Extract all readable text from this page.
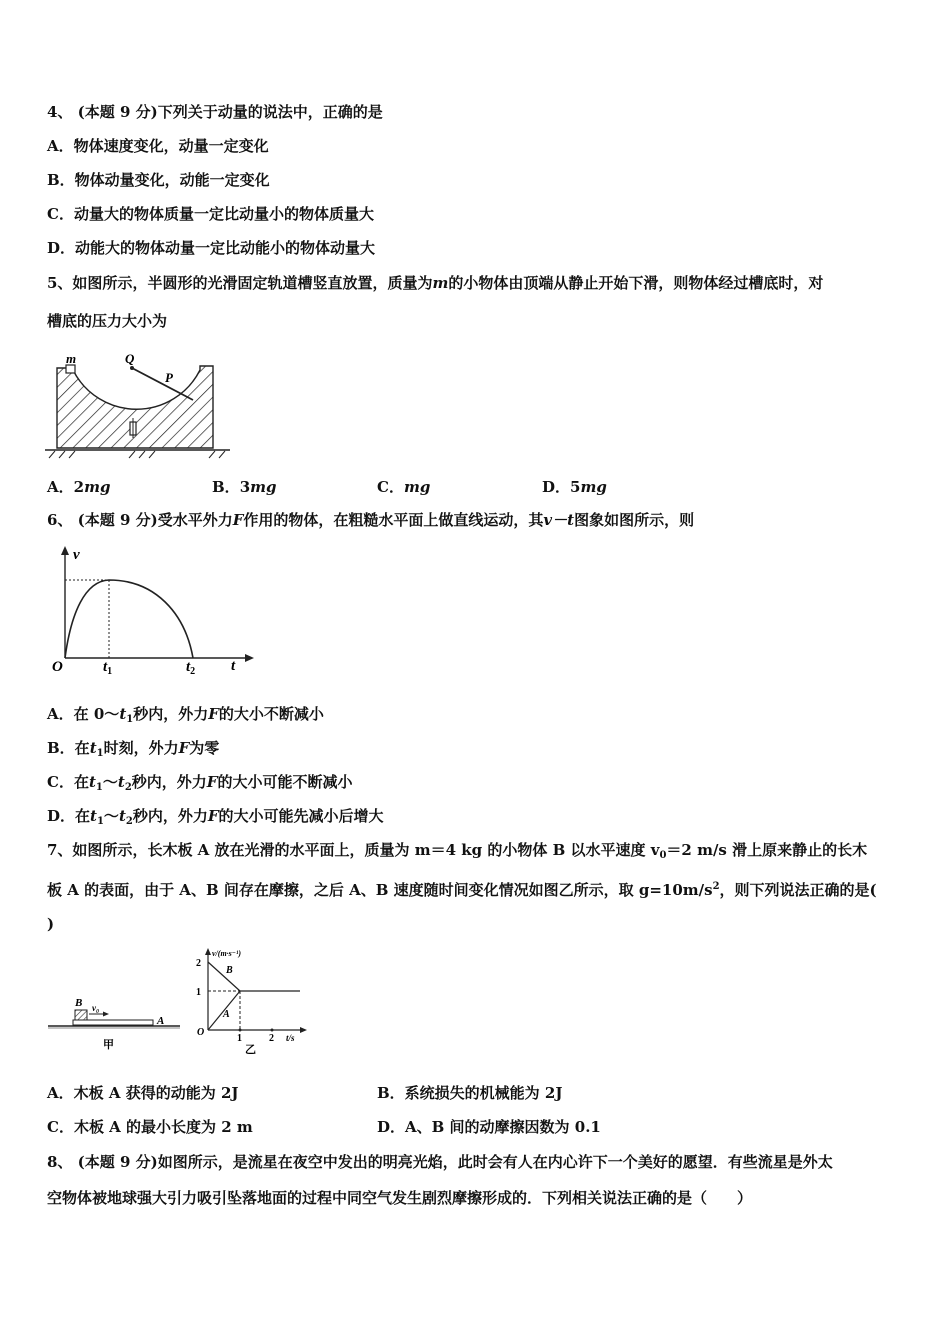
4、 (本题 9 分)下列关于动量的说法中，正确的是
A．物体速度变化，动量一定变化
B．物体动量变化，动能一定变化
C．动量大的物体质量一定比动量小的物体质量大
D．动能大的物体动量一定比动能小的物体动量大
5、如图所示，半圆形的光滑固定轨道槽竖直放置，质量为m的小物体由顶端从静止开始下滑，则物体经过槽底时，对
槽底的压力大小为
m	Q
P
A．2mg	B．3mg	C．mg	D．5mg
6、 (本题 9 分)受水平外力F作用的物体，在粗糙水平面上做直线运动，其v－t图象如图所示，则
v
O	$t_1$	$t_2$ t
A．在 $0\sim t_1$秒内，外力F的大小不断减小
B．在$t_1$时刻，外力F为零
C．在$t_1\sim t_2$秒内，外力F的大小可能不断减小
D．在$t_1\sim t_2$秒内，外力F的大小可能先减小后增大
7、如图所示，长木板 A 放在光滑的水平面上，质量为 m＝4 kg 的小物体 B 以水平速度 $v_0=2$ m/s 滑上原来静止的长木
板 A 的表面，由于 A、B 间存在摩擦，之后 A、B 速度随时间变化情况如图乙所示，取 $g=10m/s^2$，则下列说法正确的是(
)
B v₀
A
甲
v/(m·s⁻¹)
2
1
B
A
O
1	2 t/s
乙
A．木板 A 获得的动能为 2J	B．系统损失的机械能为 2J
C．木板 A 的最小长度为 2 m	D．A、B 间的动摩擦因数为 0.1
8、 (本题 9 分)如图所示，是流星在夜空中发出的明亮光焰，此时会有人在内心许下一个美好的愿望．有些流星是外太
空物体被地球强大引力吸引坠落地面的过程中同空气发生剧烈摩擦形成的．下列相关说法正确的是（　　）
